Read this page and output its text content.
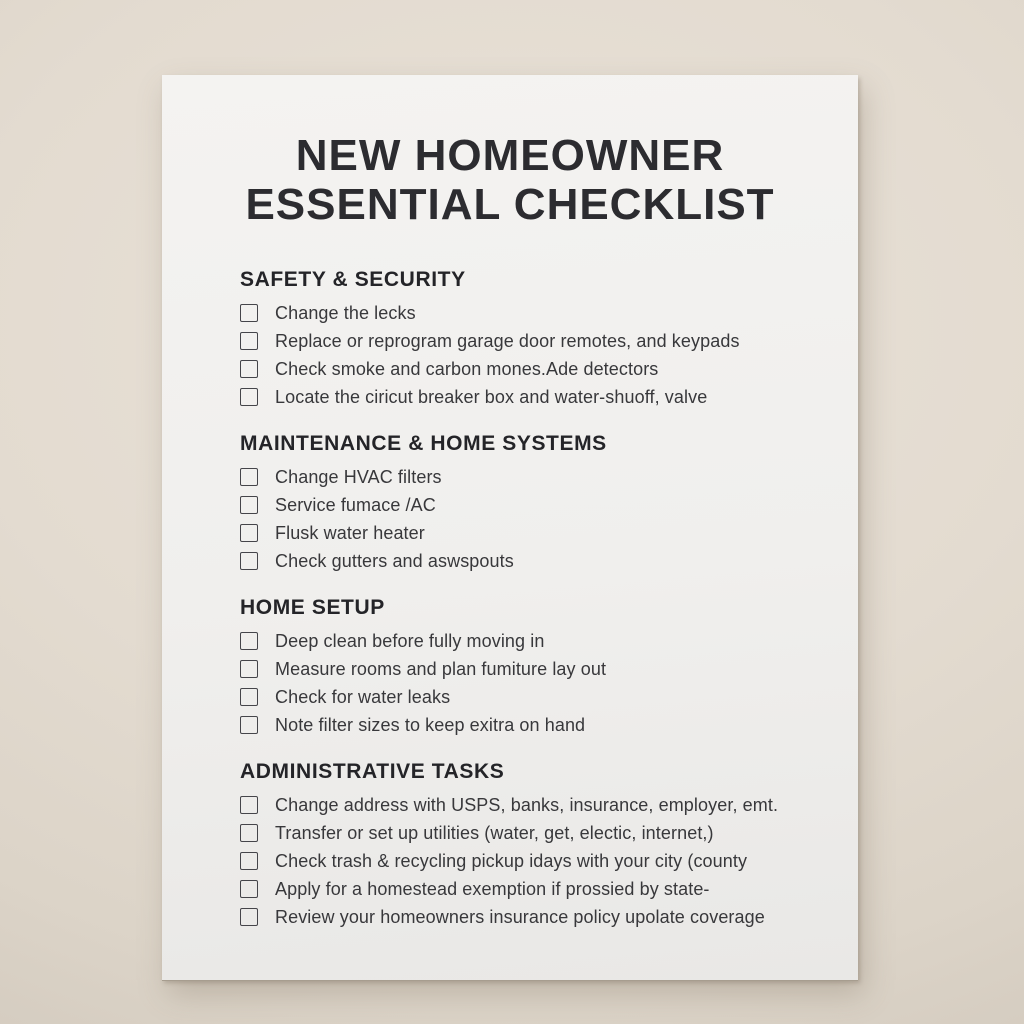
NEW HOMEOWNER
ESSENTIAL CHECKLIST
SAFETY & SECURITY
Change the lecks
Replace or reprogram garage door remotes, and keypads
Check smoke and carbon mones.Ade detectors
Locate the ciricut breaker box and water-shuoff, valve
MAINTENANCE & HOME SYSTEMS
Change HVAC filters
Service fumace /AC
Flusk water heater
Check gutters and aswspouts
HOME SETUP
Deep clean before fully moving in
Measure rooms and plan fumiture lay out
Check for water leaks
Note filter sizes to keep exitra on hand
ADMINISTRATIVE TASKS
Change address with USPS, banks, insurance, employer, emt.
Transfer or set up utilities (water, get, electic, internet,)
Check trash & recycling pickup idays with your city (county
Apply for a homestead exemption if prossied by state-
Review your homeowners insurance policy upolate coverage
